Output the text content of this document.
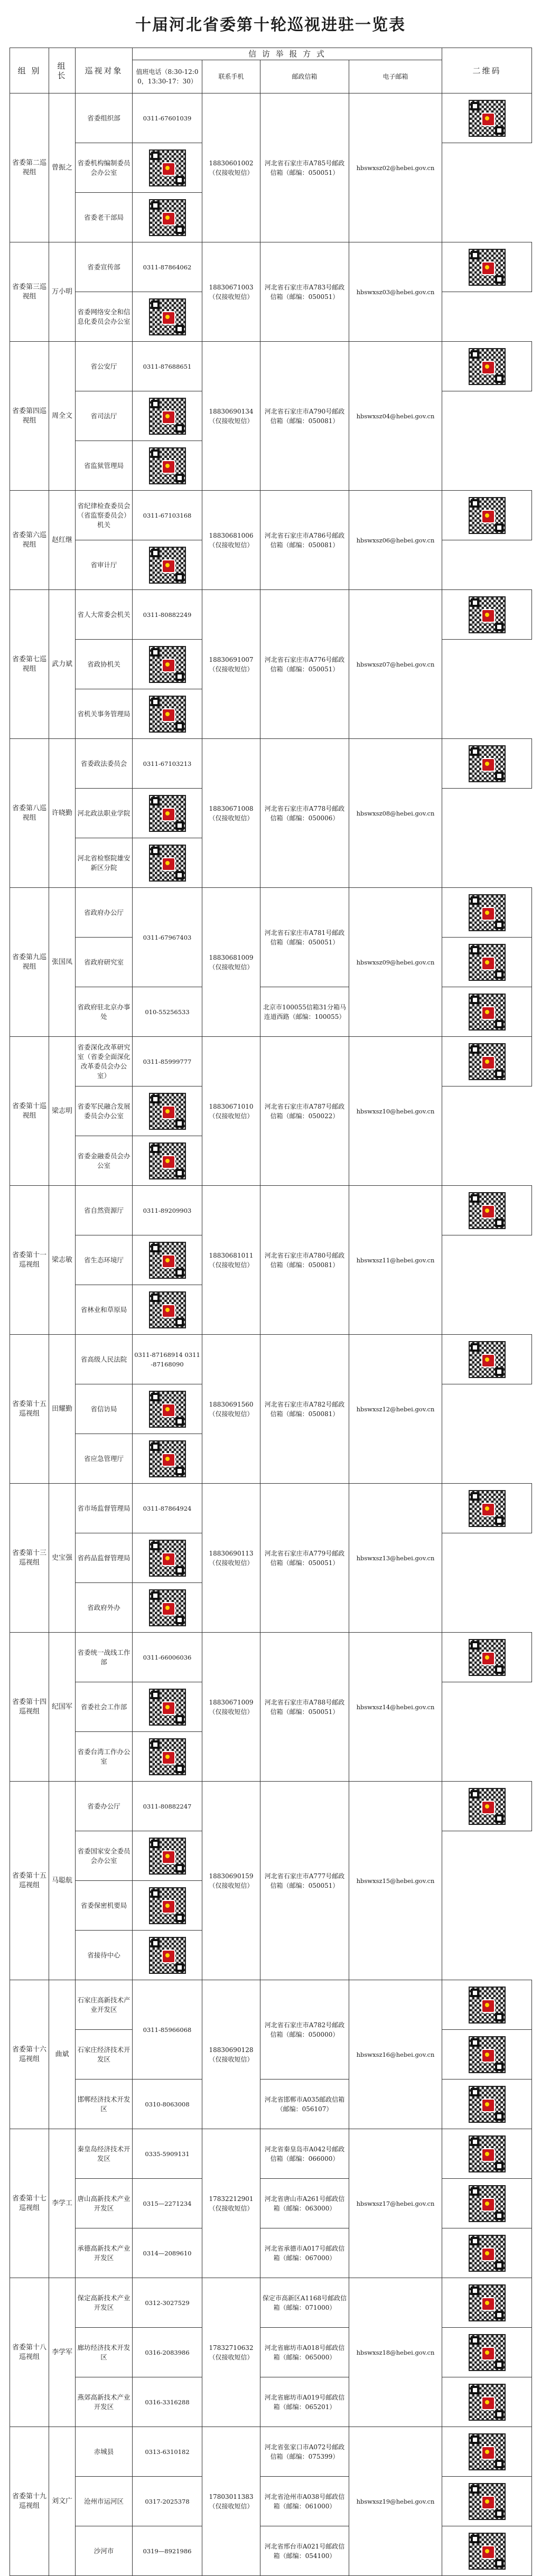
十届河北省委第十轮巡视进驻一览表
组 别	组 长	巡视对象	信 访 举 报 方 式				二维码
			值班电话（8:30-12:00，13:30-17：30）	联系手机	邮政信箱	电子邮箱	
省委第二巡视组	曾振之	省委组织部	0311-67601039	18830601002（仅接收短信）	河北省石家庄市A785号邮政信箱（邮编：050051）	hbswxsz02@hebei.gov.cn	

		省委机构编制委员会办公室					

		省委老干部局					

省委第三巡视组	万小明	省委宣传部	0311-87864062	18830671003（仅接收短信）	河北省石家庄市A783号邮政信箱（邮编：050051）	hbswxsz03@hebei.gov.cn	

		省委网络安全和信息化委员会办公室					

省委第四巡视组	周全文	省公安厅	0311-87688651	18830690134（仅接收短信）	河北省石家庄市A790号邮政信箱（邮编：050081）	hbswxsz04@hebei.gov.cn	

		省司法厅					

		省监狱管理局					

省委第六巡视组	赵红继	省纪律检查委员会（省监察委员会）机关	0311-67103168	18830681006（仅接收短信）	河北省石家庄市A786号邮政信箱（邮编：050081）	hbswxsz06@hebei.gov.cn	

		省审计厅					

省委第七巡视组	武力斌	省人大常委会机关	0311-80882249	18830691007（仅接收短信）	河北省石家庄市A776号邮政信箱（邮编：050051）	hbswxsz07@hebei.gov.cn	

		省政协机关					

		省机关事务管理局					

省委第八巡视组	许晓勤	省委政法委员会	0311-67103213	18830671008（仅接收短信）	河北省石家庄市A778号邮政信箱（邮编：050006）	hbswxsz08@hebei.gov.cn	

		河北政法职业学院					

		河北省检察院雄安新区分院					

省委第九巡视组	张国凤	省政府办公厅	0311-67967403	18830681009（仅接收短信）	河北省石家庄市A781号邮政信箱（邮编：050051）	hbswxsz09@hebei.gov.cn	

		省政府研究室					

		省政府驻北京办事处	010-55256533		北京市100055信箱31分箱马连道西路（邮编：100055）		

省委第十巡视组	梁志明	省委深化改革研究室（省委全面深化改革委员会办公室）	0311-85999777	18830671010（仅接收短信）	河北省石家庄市A787号邮政信箱（邮编：050022）	hbswxsz10@hebei.gov.cn	

		省委军民融合发展委员会办公室					

		省委金融委员会办公室					

省委第十一巡视组	梁志敏	省自然资源厅	0311-89209903	18830681011（仅接收短信）	河北省石家庄市A780号邮政信箱（邮编：050081）	hbswxsz11@hebei.gov.cn	

		省生态环境厅					

		省林业和草原局					

省委第十五巡视组	田耀勤	省高级人民法院	0311-87168914 0311-87168090	18830691560（仅接收短信）	河北省石家庄市A782号邮政信箱（邮编：050081）	hbswxsz12@hebei.gov.cn	

		省信访局					

		省应急管理厅					

省委第十三巡视组	史宝强	省市场监督管理局	0311-87864924	18830690113（仅接收短信）	河北省石家庄市A779号邮政信箱（邮编：050051）	hbswxsz13@hebei.gov.cn	

		省药品监督管理局					

		省政府外办					

省委第十四巡视组	纪国军	省委统一战线工作部	0311-66006036	18830671009（仅接收短信）	河北省石家庄市A788号邮政信箱（邮编：050051）	hbswxsz14@hebei.gov.cn	

		省委社会工作部					

		省委台湾工作办公室					

省委第十五巡视组	马聪航	省委办公厅	0311-80882247	18830690159（仅接收短信）	河北省石家庄市A777号邮政信箱（邮编：050051）	hbswxsz15@hebei.gov.cn	

		省委国家安全委员会办公室					

		省委保密机要局					

		省接待中心					

省委第十六巡视组	曲斌	石家庄高新技术产业开发区	0311-85966068	18830690128（仅接收短信）	河北省石家庄市A782号邮政信箱（邮编：050000）	hbswxsz16@hebei.gov.cn	

		石家庄经济技术开发区					

		邯郸经济技术开发区	0310-8063008		河北省邯郸市A035邮政信箱（邮编：056107）		

省委第十七巡视组	李学工	秦皇岛经济技术开发区	0335-5909131	17832212901（仅接收短信）	河北省秦皇岛市A042号邮政信箱（邮编：066000）	hbswxsz17@hebei.gov.cn	

		唐山高新技术产业开发区	0315—2271234		河北省唐山市A261号邮政信箱（邮编：063000）		

		承德高新技术产业开发区	0314—2089610		河北省承德市A017号邮政信箱（邮编：067000）		

省委第十八巡视组	李学军	保定高新技术产业开发区	0312-3027529	17832710632（仅接收短信）	保定市高新区A1168号邮政信箱（邮编：071000）	hbswxsz18@hebei.gov.cn	

		廊坊经济技术开发区	0316-2083986		河北省廊坊市A018号邮政信箱（邮编：065000）		

		燕郊高新技术产业开发区	0316-3316288		河北省廊坊市A019号邮政信箱（邮编：065201）		

省委第十九巡视组	刘文广	赤城县	0313-6310182	17803011383（仅接收短信）	河北省张家口市A072号邮政信箱（邮编：075399）	hbswxsz19@hebei.gov.cn	

		沧州市运河区	0317-2025378		河北省沧州市A038号邮政信箱（邮编：061000）		

		沙河市	0319—8921986		河北省邢台市A021号邮政信箱（邮编：054100）		
